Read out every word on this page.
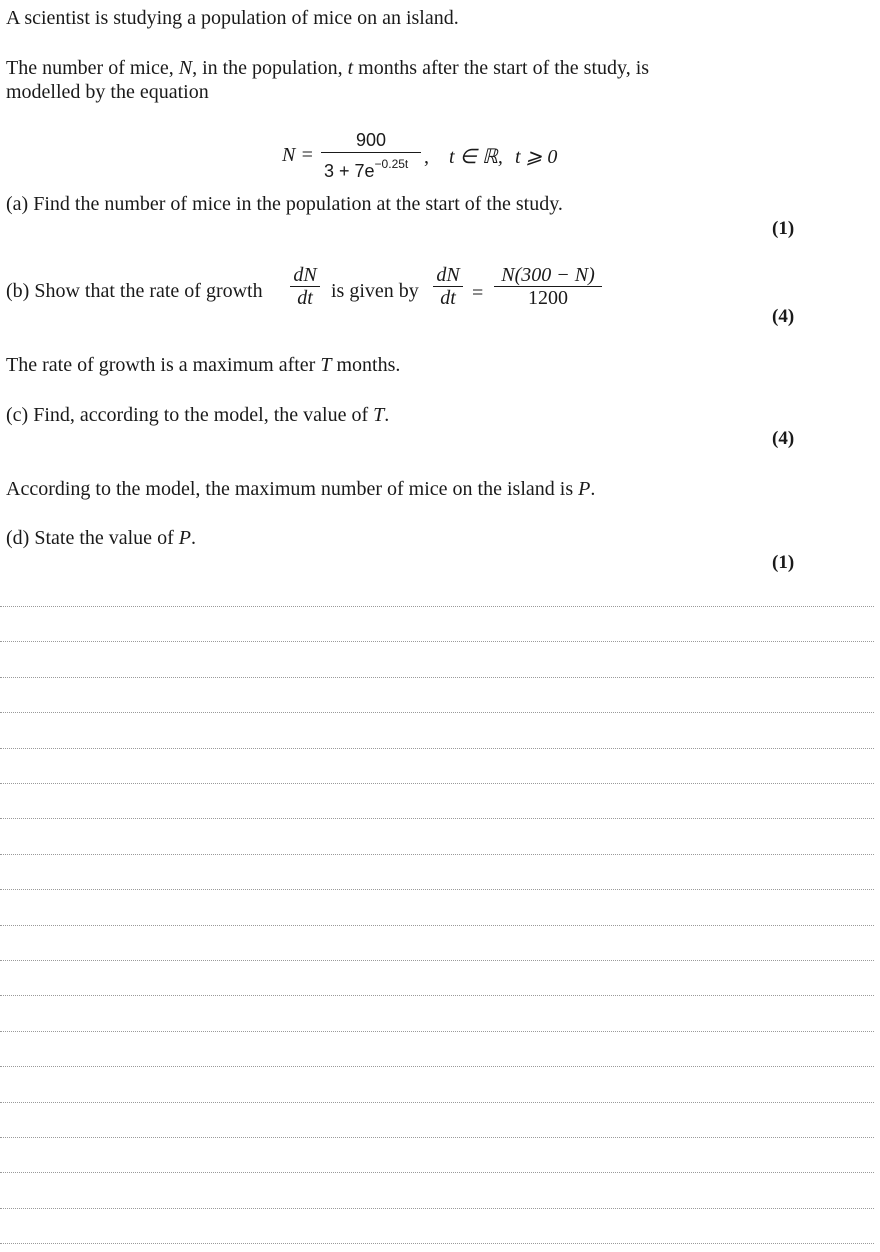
A scientist is studying a population of mice on an island.
The number of mice, N, in the population, t months after the start of the study, is
modelled by the equation
N =
900
$3 + 7e^{-0.25t}$ , t ∈ ℝ, t ⩾ 0
(a) Find the number of mice in the population at the start of the study.
(1)
(b) Show that the rate of growth
dN
dt is given by
dN
dt =
N(300 − N)
1200
(4)
The rate of growth is a maximum after T months.
(c) Find, according to the model, the value of T.
(4)
According to the model, the maximum number of mice on the island is P.
(d) State the value of P.
(1)
